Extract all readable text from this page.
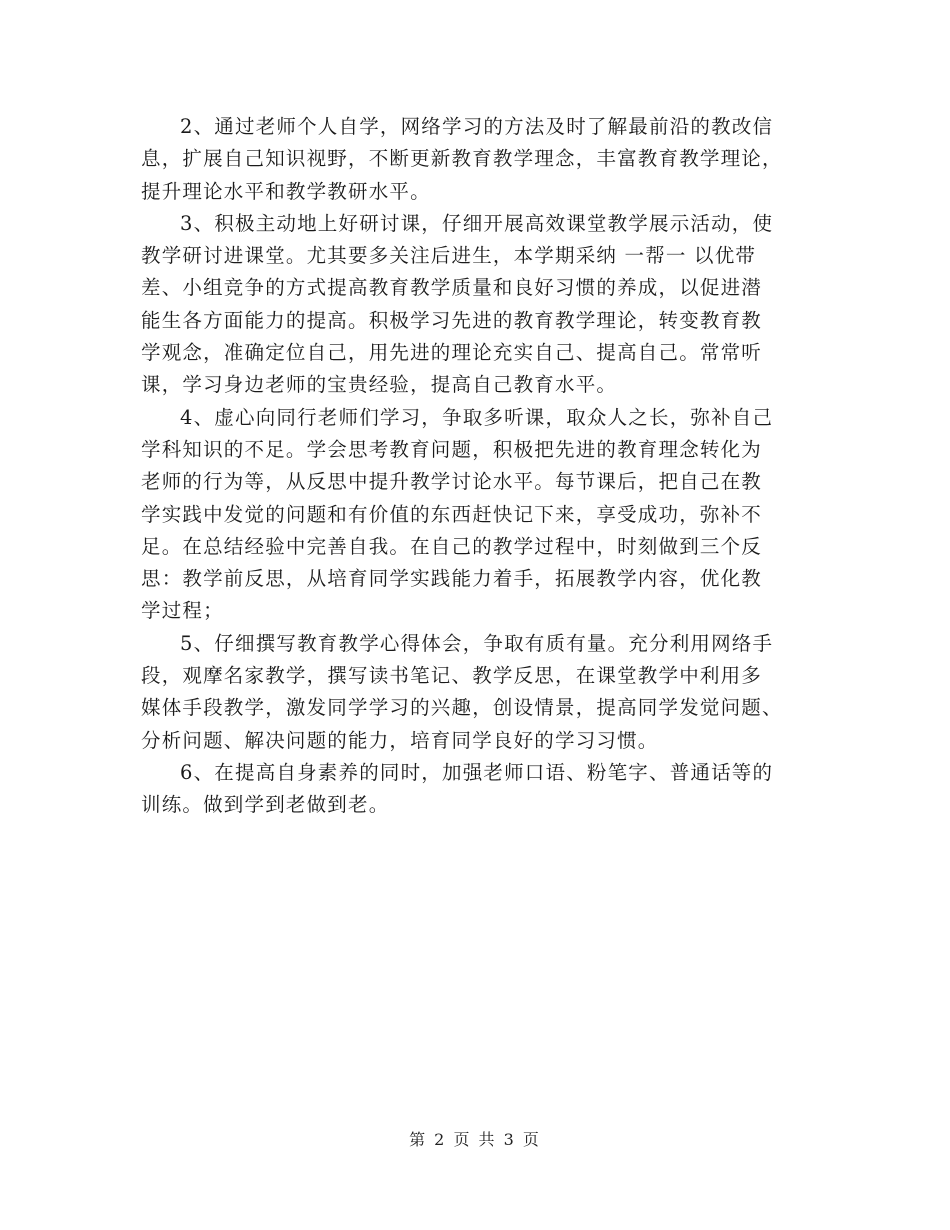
2、通过老师个人自学，网络学习的方法及时了解最前沿的教改信
息，扩展自己知识视野，不断更新教育教学理念，丰富教育教学理论，
提升理论水平和教学教研水平。

3、积极主动地上好研讨课，仔细开展高效课堂教学展示活动，使
教学研讨进课堂。尤其要多关注后进生，本学期采纳 一帮一 以优带
差、小组竞争的方式提高教育教学质量和良好习惯的养成，以促进潜
能生各方面能力的提高。积极学习先进的教育教学理论，转变教育教
学观念，准确定位自己，用先进的理论充实自己、提高自己。常常听
课，学习身边老师的宝贵经验，提高自己教育水平。

4、虚心向同行老师们学习，争取多听课，取众人之长，弥补自己
学科知识的不足。学会思考教育问题，积极把先进的教育理念转化为
老师的行为等，从反思中提升教学讨论水平。每节课后，把自己在教
学实践中发觉的问题和有价值的东西赶快记下来，享受成功，弥补不
足。在总结经验中完善自我。在自己的教学过程中，时刻做到三个反
思：教学前反思，从培育同学实践能力着手，拓展教学内容，优化教
学过程；

5、仔细撰写教育教学心得体会，争取有质有量。充分利用网络手
段，观摩名家教学，撰写读书笔记、教学反思，在课堂教学中利用多
媒体手段教学，激发同学学习的兴趣，创设情景，提高同学发觉问题、
分析问题、解决问题的能力，培育同学良好的学习习惯。

6、在提高自身素养的同时，加强老师口语、粉笔字、普通话等的
训练。做到学到老做到老。

第 2 页 共 3 页
